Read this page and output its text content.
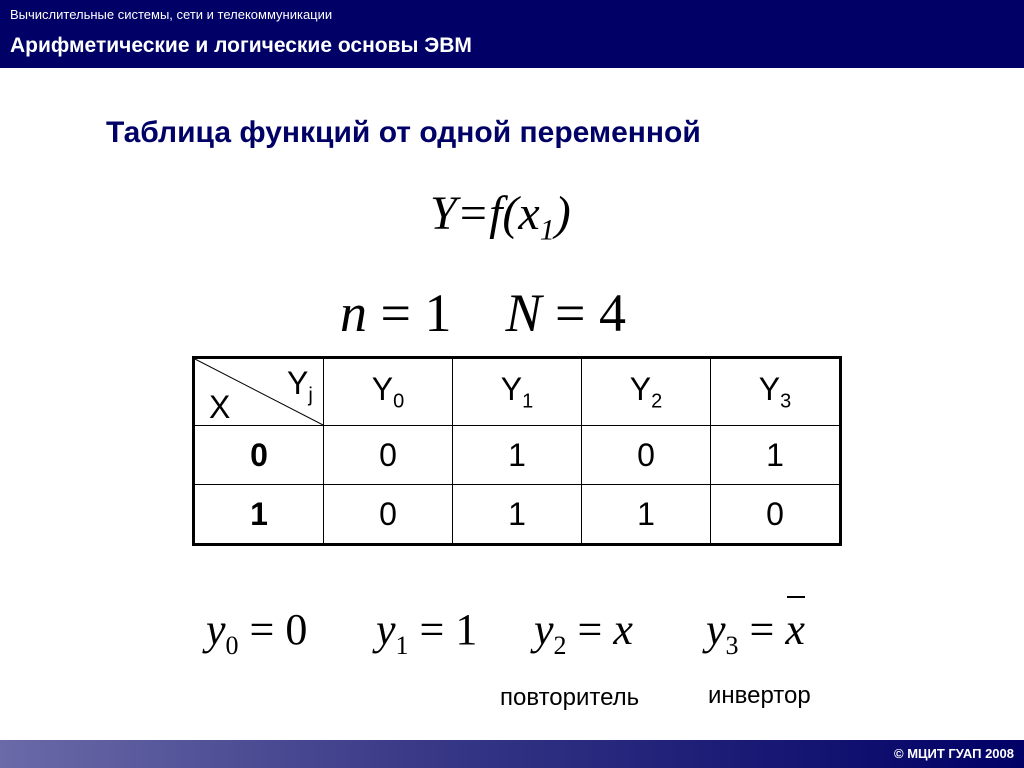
Вычислительные системы, сети и телекоммуникации
Арифметические и логические основы ЭВМ
Таблица функций от одной переменной
$Y=f(x_1)$
n = 1 N = 4
X
$Y_j$	$Y_0$	$Y_1$	$Y_2$	$Y_3$
0	0	1	0	1
1	0	1	1	0
$y_0 = 0$ $y_1 = 1$ $y_2 = x$ $y_3 = x$
повторитель	инвертор
© МЦИТ ГУАП 2008
